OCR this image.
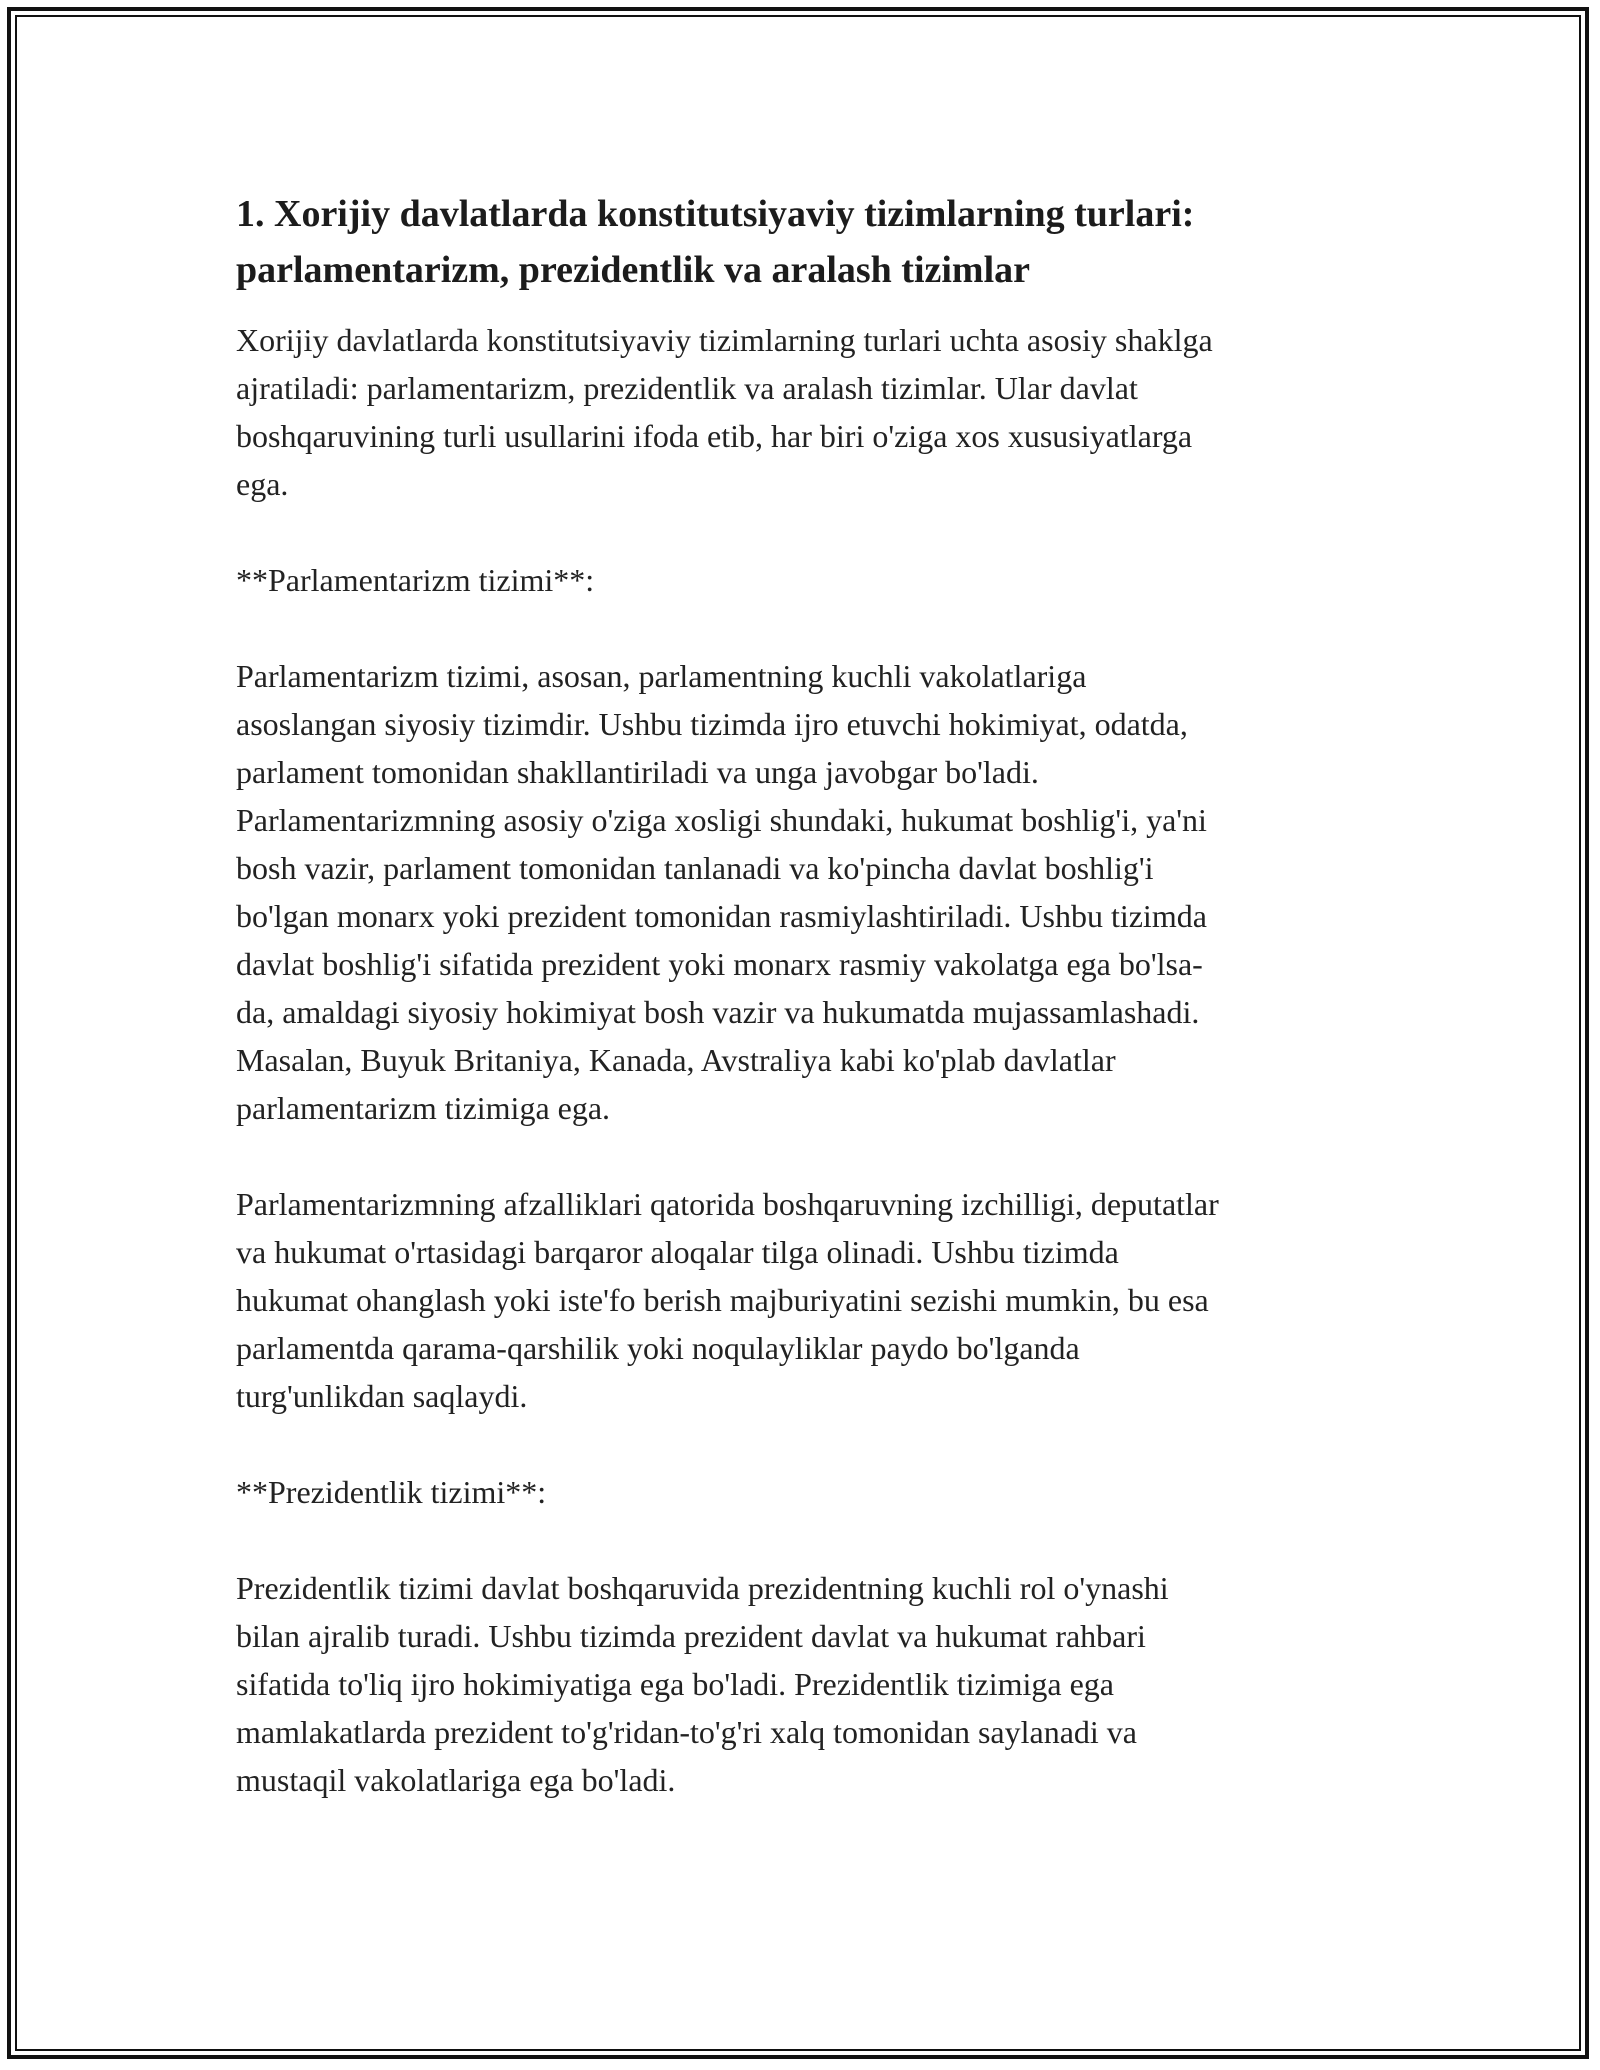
1. Xorijiy davlatlarda konstitutsiyaviy tizimlarning turlari:
parlamentarizm, prezidentlik va aralash tizimlar

Xorijiy davlatlarda konstitutsiyaviy tizimlarning turlari uchta asosiy shaklga
ajratiladi: parlamentarizm, prezidentlik va aralash tizimlar. Ular davlat
boshqaruvining turli usullarini ifoda etib, har biri o'ziga xos xususiyatlarga
ega.

**Parlamentarizm tizimi**:

Parlamentarizm tizimi, asosan, parlamentning kuchli vakolatlariga
asoslangan siyosiy tizimdir. Ushbu tizimda ijro etuvchi hokimiyat, odatda,
parlament tomonidan shakllantiriladi va unga javobgar bo'ladi.
Parlamentarizmning asosiy o'ziga xosligi shundaki, hukumat boshlig'i, ya'ni
bosh vazir, parlament tomonidan tanlanadi va ko'pincha davlat boshlig'i
bo'lgan monarx yoki prezident tomonidan rasmiylashtiriladi. Ushbu tizimda
davlat boshlig'i sifatida prezident yoki monarx rasmiy vakolatga ega bo'lsa-
da, amaldagi siyosiy hokimiyat bosh vazir va hukumatda mujassamlashadi.
Masalan, Buyuk Britaniya, Kanada, Avstraliya kabi ko'plab davlatlar
parlamentarizm tizimiga ega.

Parlamentarizmning afzalliklari qatorida boshqaruvning izchilligi, deputatlar
va hukumat o'rtasidagi barqaror aloqalar tilga olinadi. Ushbu tizimda
hukumat ohanglash yoki iste'fo berish majburiyatini sezishi mumkin, bu esa
parlamentda qarama-qarshilik yoki noqulayliklar paydo bo'lganda
turg'unlikdan saqlaydi.

**Prezidentlik tizimi**:

Prezidentlik tizimi davlat boshqaruvida prezidentning kuchli rol o'ynashi
bilan ajralib turadi. Ushbu tizimda prezident davlat va hukumat rahbari
sifatida to'liq ijro hokimiyatiga ega bo'ladi. Prezidentlik tizimiga ega
mamlakatlarda prezident to'g'ridan-to'g'ri xalq tomonidan saylanadi va
mustaqil vakolatlariga ega bo'ladi.
